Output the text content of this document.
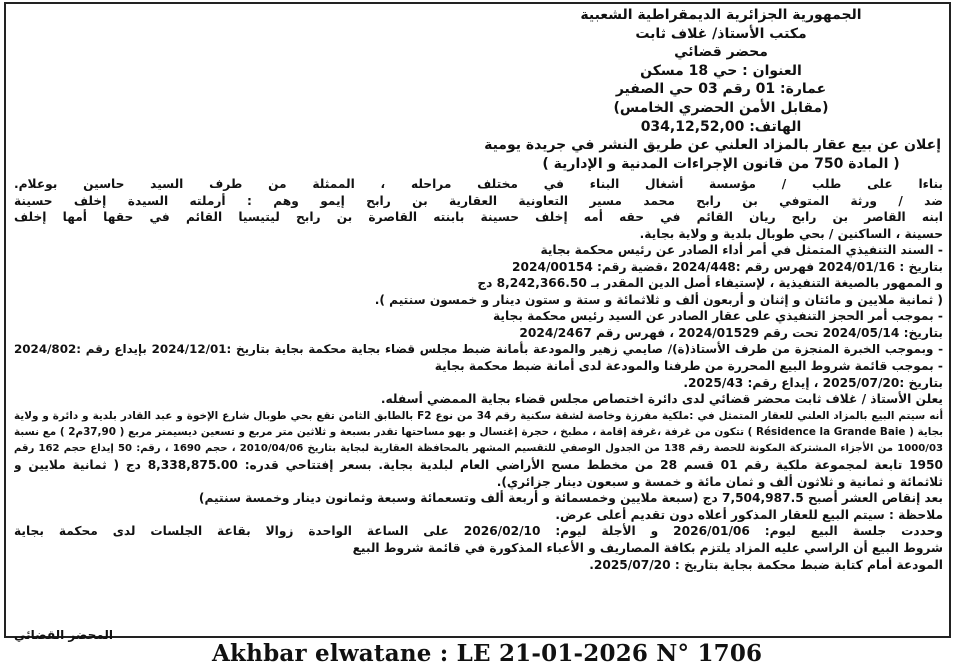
الجمهورية الجزائرية الديمقراطية الشعبية
مكتب الأستاذ/ غلاف ثابت
محضر قضائي
العنوان : حي 18 مسكن
عمارة: 01 رقم 03 حي الصفير
(مقابل الأمن الحضري الخامس)
الهاتف: 034,12,52,00
إعلان عن بيع عقار بالمزاد العلني عن طريق النشر في جريدة يومية
( المادة 750 من قانون الإجراءات المدنية و الإدارية )
بناءا على طلب / مؤسسة أشغال البناء في مختلف مراحله ، الممثلة من طرف السيد حاسين بوعلام.
ضد / ورثة المتوفي بن رابح محمد مسير التعاونية العقارية بن رابح إيمو وهم : أرملته السيدة إخلف حسينة
ابنه القاصر بن رابح ريان القائم في حقه أمه إخلف حسينة بابنته القاصرة بن رابح ليتيسيا القائم في حقها أمها إخلف
حسينة ، الساكنين / بحي طوبال بلدية و ولاية بجاية.
- السند التنفيذي المتمثل في أمر أداء الصادر عن رئيس محكمة بجاية
بتاريخ : 2024/01/16 فهرس رقم :2024/448 ،قضية رقم: 2024/00154
و الممهور بالصيغة التنفيذية ، لإستيفاء أصل الدين المقدر بـ 8,242,366.50 دج
( ثمانية ملايين و مائتان و إثنان و أربعون ألف و ثلاثمائة و ستة و ستون دينار و خمسون سنتيم ).
- بموجب أمر الحجز التنفيذي على عقار الصادر عن السيد رئيس محكمة بجاية
بتاريخ: 2024/05/14 تحت رقم 2024/01529 ، فهرس رقم 2024/2467
- وبموجب الخبرة المنجزة من طرف الأستاذ(ة)/ صايمي زهير والمودعة بأمانة ضبط مجلس قضاء بجاية محكمة بجاية بتاريخ :2024/12/01 بإيداع رقم :2024/802
- بموجب قائمة شروط البيع المحررة من طرفنا والمودعة لدى أمانة ضبط محكمة بجاية
بتاريخ :2025/07/20 ، إيداع رقم: 2025/43.
يعلن الأستاذ / غلاف ثابت محضر قضائي لدى دائرة اختصاص مجلس قضاء بجاية الممضي أسفله.
أنه سيتم البيع بالمزاد العلني للعقار المتمثل في :ملكية مفرزة وخاصة لشقة سكنية رقم 34 من نوع F2 بالطابق الثامن تقع بحي طوبال شارع الإخوة و عبد القادر بلدية و دائرة و ولاية
بجاية ( Résidence la Grande Baie ) تتكون من غرفة ،غرفة إقامة ، مطبخ ، حجرة إغتسال و بهو مساحتها تقدر بسبعة و ثلاثين متر مربع و تسعين ديسيمتر مربع ( 37,90م2 ) مع نسبة
1000/03 من الأجزاء المشتركة المكونة للحصة رقم 138 من الجدول الوصفي للتقسيم المشهر بالمحافظة العقارية لبجاية بتاريخ 2010/04/06 ، حجم 1690 ، رقم: 50 إيداع حجم 162 رقم
1950 تابعة لمجموعة ملكية رقم 01 قسم 28 من مخطط مسح الأراضي العام لبلدية بجاية. بسعر إفتتاحي قدره: 8,338,875.00 دج ( ثمانية ملايين و
ثلاثمائة و ثمانية و ثلاثون ألف و ثمان مائة و خمسة و سبعون دينار جزائري).
بعد إنقاص العشر أصبح 7,504,987.5 دج (سبعة ملايين وخمسمائة و أربعة ألف وتسعمائة وسبعة وثمانون دينار وخمسة سنتيم)
ملاحظة : سيتم البيع للعقار المذكور أعلاه دون تقديم أعلى عرض.
وحددت جلسة البيع ليوم: 2026/01/06 و الأجلة ليوم: 2026/02/10 على الساعة الواحدة زوالا بقاعة الجلسات لدى محكمة بجاية
شروط البيع أن الراسي عليه المزاد يلتزم بكافة المصاريف و الأعباء المذكورة في قائمة شروط البيع
المودعة أمام كتابة ضبط محكمة بجاية بتاريخ : 2025/07/20.
المحضر القضائي
Akhbar elwatane : LE 21-01-2026 N° 1706
